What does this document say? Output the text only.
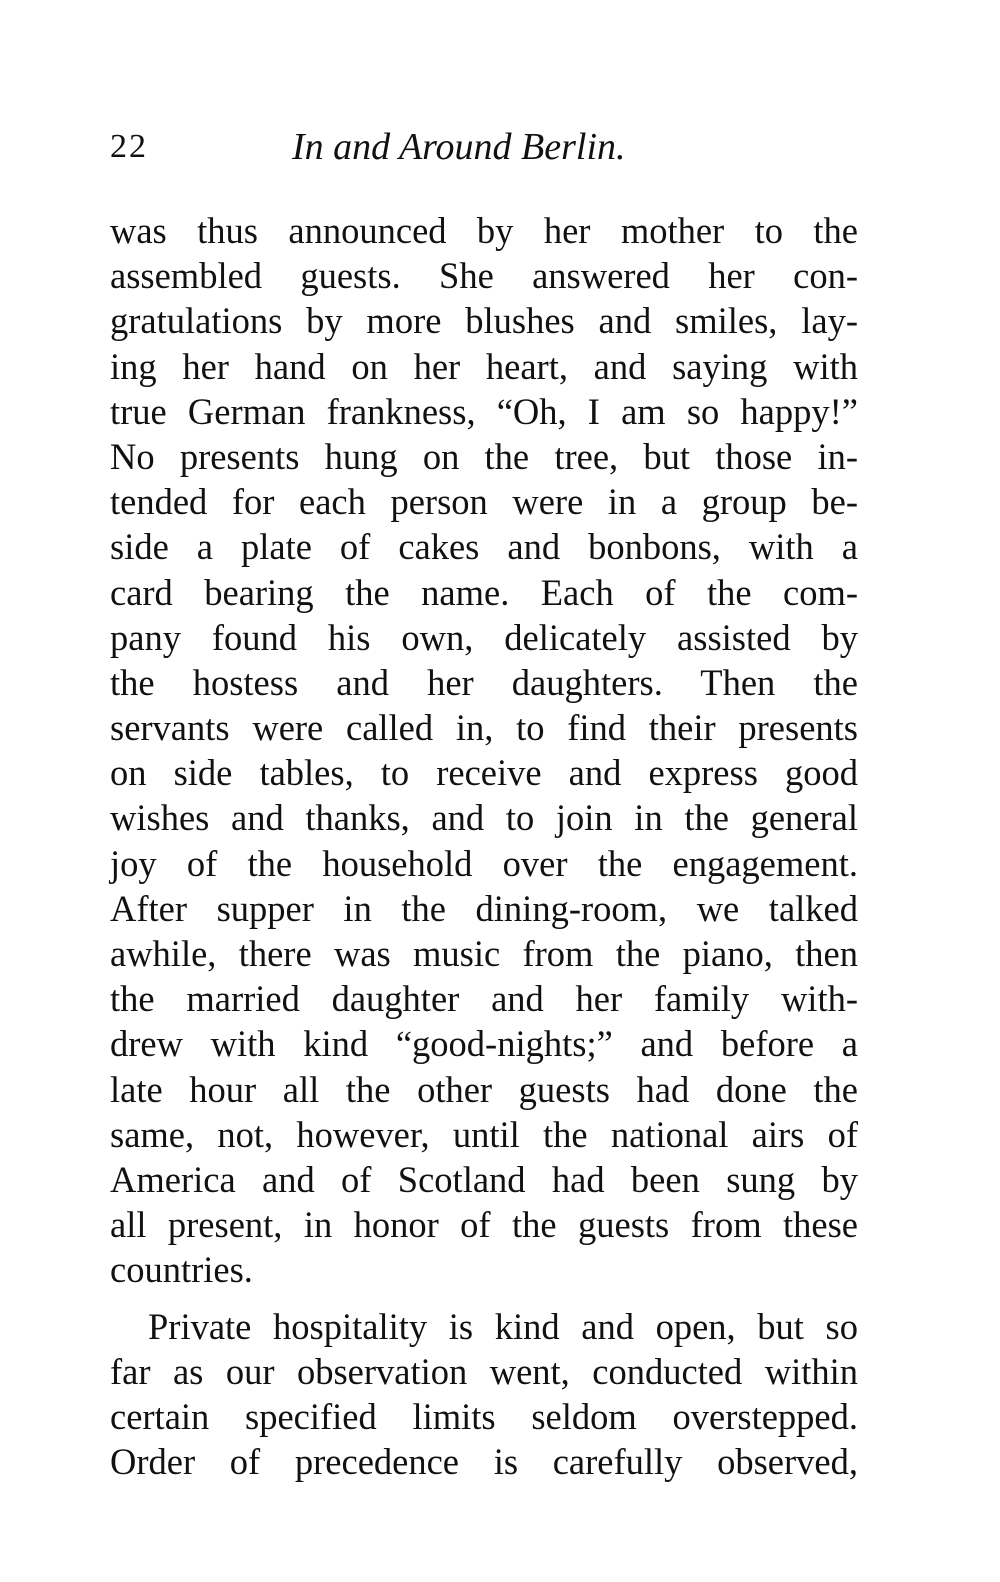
22	In and Around Berlin.
was thus announced by her mother to the
assembled guests. She answered her con-
gratulations by more blushes and smiles, lay-
ing her hand on her heart, and saying with
true German frankness, “Oh, I am so happy!”
No presents hung on the tree, but those in-
tended for each person were in a group be-
side a plate of cakes and bonbons, with a
card bearing the name. Each of the com-
pany found his own, delicately assisted by
the hostess and her daughters. Then the
servants were called in, to find their presents
on side tables, to receive and express good
wishes and thanks, and to join in the general
joy of the household over the engagement.
After supper in the dining-room, we talked
awhile, there was music from the piano, then
the married daughter and her family with-
drew with kind “good-nights;” and before a
late hour all the other guests had done the
same, not, however, until the national airs of
America and of Scotland had been sung by
all present, in honor of the guests from these
countries.
Private hospitality is kind and open, but so
far as our observation went, conducted within
certain specified limits seldom overstepped.
Order of precedence is carefully observed,
